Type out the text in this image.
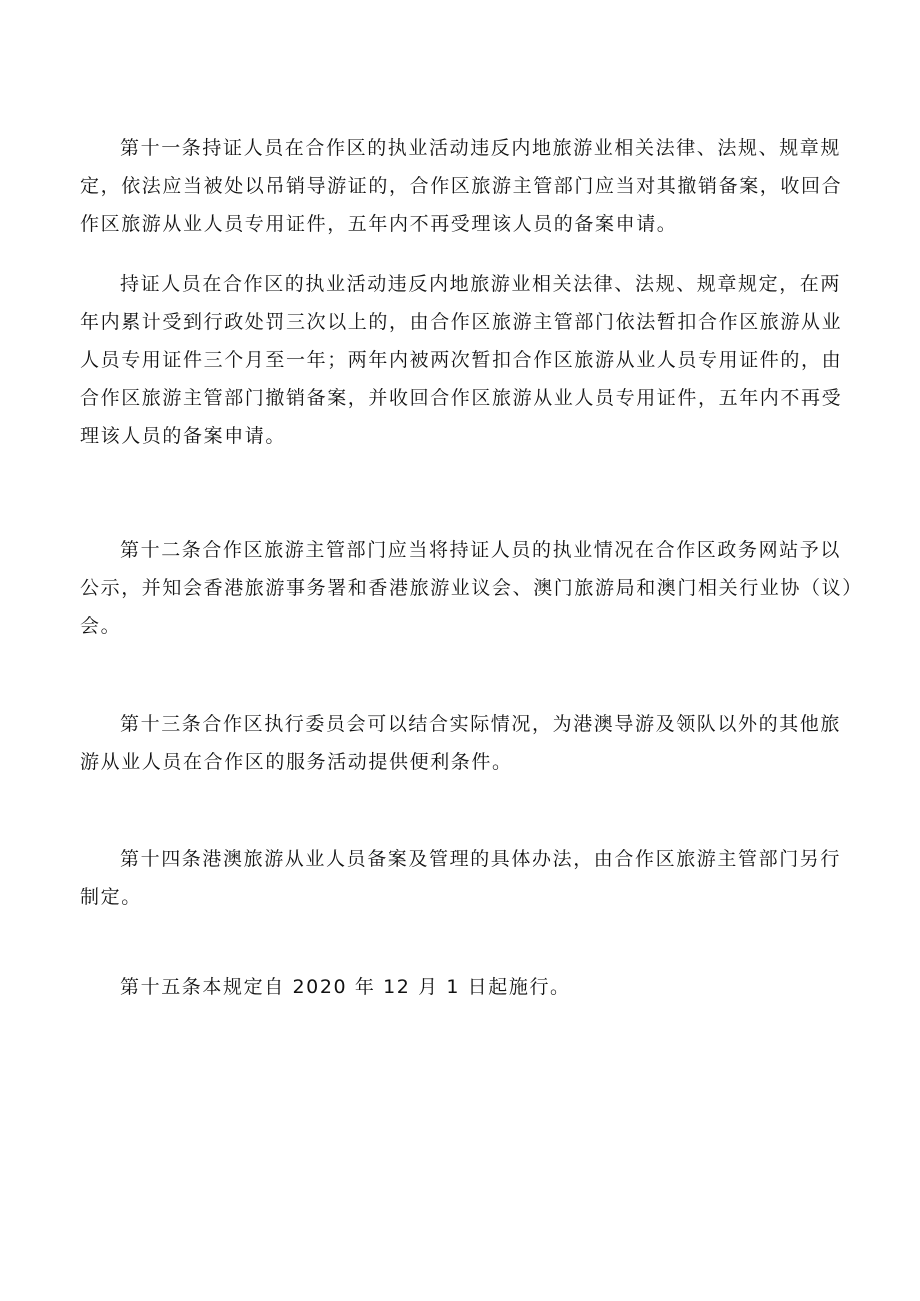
第十一条持证人员在合作区的执业活动违反内地旅游业相关法律、法规、规章规
定，依法应当被处以吊销导游证的，合作区旅游主管部门应当对其撤销备案，收回合
作区旅游从业人员专用证件，五年内不再受理该人员的备案申请。

持证人员在合作区的执业活动违反内地旅游业相关法律、法规、规章规定，在两
年内累计受到行政处罚三次以上的，由合作区旅游主管部门依法暂扣合作区旅游从业
人员专用证件三个月至一年；两年内被两次暂扣合作区旅游从业人员专用证件的，由
合作区旅游主管部门撤销备案，并收回合作区旅游从业人员专用证件，五年内不再受
理该人员的备案申请。

第十二条合作区旅游主管部门应当将持证人员的执业情况在合作区政务网站予以
公示，并知会香港旅游事务署和香港旅游业议会、澳门旅游局和澳门相关行业协（议）
会。

第十三条合作区执行委员会可以结合实际情况，为港澳导游及领队以外的其他旅
游从业人员在合作区的服务活动提供便利条件。

第十四条港澳旅游从业人员备案及管理的具体办法，由合作区旅游主管部门另行
制定。

第十五条本规定自 2020 年 12 月 1 日起施行。
